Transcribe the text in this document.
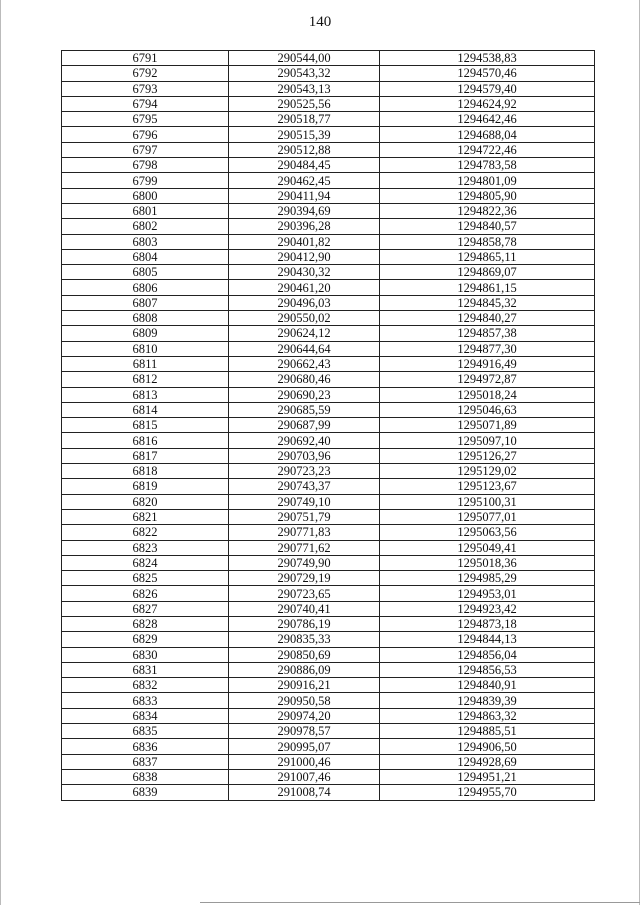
140
6791	290544,00	1294538,83
6792	290543,32	1294570,46
6793	290543,13	1294579,40
6794	290525,56	1294624,92
6795	290518,77	1294642,46
6796	290515,39	1294688,04
6797	290512,88	1294722,46
6798	290484,45	1294783,58
6799	290462,45	1294801,09
6800	290411,94	1294805,90
6801	290394,69	1294822,36
6802	290396,28	1294840,57
6803	290401,82	1294858,78
6804	290412,90	1294865,11
6805	290430,32	1294869,07
6806	290461,20	1294861,15
6807	290496,03	1294845,32
6808	290550,02	1294840,27
6809	290624,12	1294857,38
6810	290644,64	1294877,30
6811	290662,43	1294916,49
6812	290680,46	1294972,87
6813	290690,23	1295018,24
6814	290685,59	1295046,63
6815	290687,99	1295071,89
6816	290692,40	1295097,10
6817	290703,96	1295126,27
6818	290723,23	1295129,02
6819	290743,37	1295123,67
6820	290749,10	1295100,31
6821	290751,79	1295077,01
6822	290771,83	1295063,56
6823	290771,62	1295049,41
6824	290749,90	1295018,36
6825	290729,19	1294985,29
6826	290723,65	1294953,01
6827	290740,41	1294923,42
6828	290786,19	1294873,18
6829	290835,33	1294844,13
6830	290850,69	1294856,04
6831	290886,09	1294856,53
6832	290916,21	1294840,91
6833	290950,58	1294839,39
6834	290974,20	1294863,32
6835	290978,57	1294885,51
6836	290995,07	1294906,50
6837	291000,46	1294928,69
6838	291007,46	1294951,21
6839	291008,74	1294955,70
